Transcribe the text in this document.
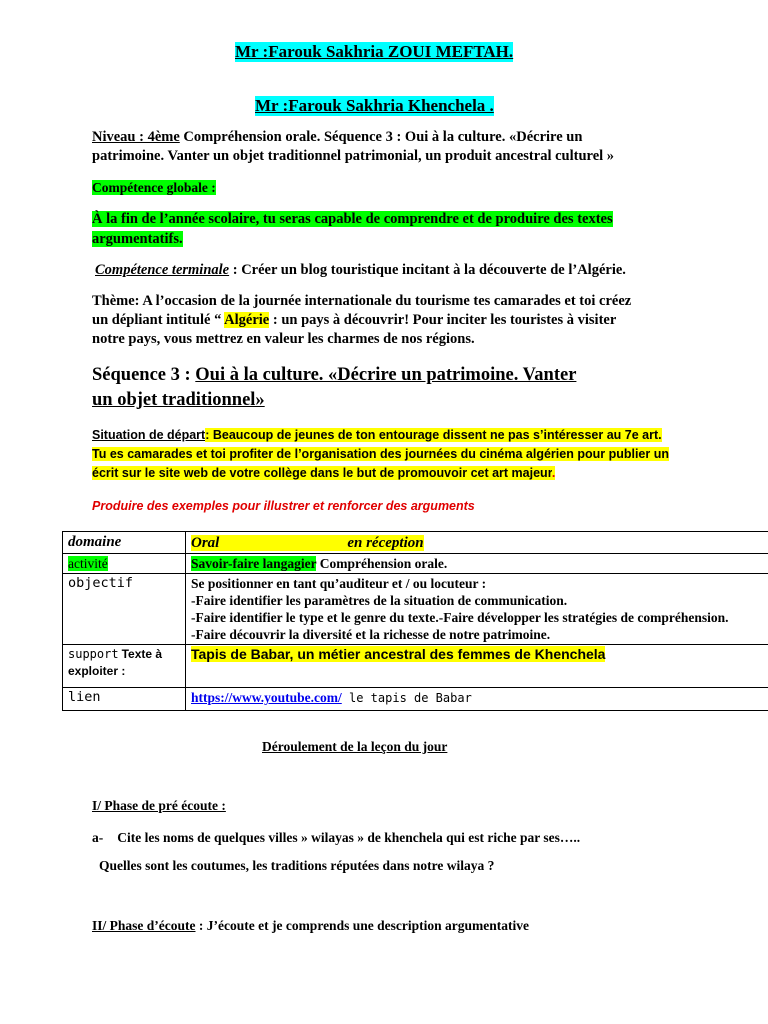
Mr :Farouk Sakhria ZOUI MEFTAH.
Mr :Farouk Sakhria Khenchela .
Niveau : 4ème Compréhension orale. Séquence 3 : Oui à la culture. «Décrire un
patrimoine. Vanter un objet traditionnel patrimonial, un produit ancestral culturel »
Compétence globale :
À la fin de l’année scolaire, tu seras capable de comprendre et de produire des textes
argumentatifs.
Compétence terminale : Créer un blog touristique incitant à la découverte de l’Algérie.
Thème: A l’occasion de la journée internationale du tourisme tes camarades et toi créez
un dépliant intitulé “ Algérie : un pays à découvrir! Pour inciter les touristes à visiter
notre pays, vous mettrez en valeur les charmes de nos régions.
Séquence 3 : Oui à la culture. «Décrire un patrimoine. Vanter
un objet traditionnel»
Situation de départ: Beaucoup de jeunes de ton entourage dissent ne pas s’intéresser au 7e art.
Tu es camarades et toi profiter de l’organisation des journées du cinéma algérien pour publier un
écrit sur le site web de votre collège dans le but de promouvoir cet art majeur.
Produire des exemples pour illustrer et renforcer des arguments
domaine	Oral en réception
activité	Savoir-faire langagier Compréhension orale.
objectif	Se positionner en tant qu’auditeur et / ou locuteur :
-Faire identifier les paramètres de la situation de communication.
-Faire identifier le type et le genre du texte.-Faire développer les stratégies de compréhension.
-Faire découvrir la diversité et la richesse de notre patrimoine.

support Texte à exploiter :	Tapis de Babar, un métier ancestral des femmes de Khenchela
lien	https://www.youtube.com/ le tapis de Babar
Déroulement de la leçon du jour
I/ Phase de pré écoute :
a- Cite les noms de quelques villes » wilayas » de khenchela qui est riche par ses…..
Quelles sont les coutumes, les traditions réputées dans notre wilaya ?
II/ Phase d’écoute : J’écoute et je comprends une description argumentative
